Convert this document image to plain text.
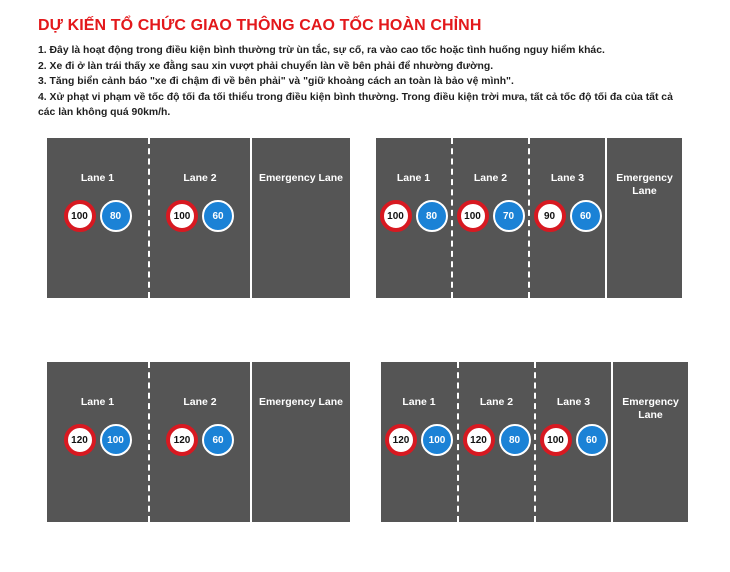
DỰ KIẾN TỔ CHỨC GIAO THÔNG CAO TỐC HOÀN CHỈNH
1. Đây là hoạt động trong điều kiện bình thường trừ ùn tắc, sự cố, ra vào cao tốc hoặc tình huống nguy hiểm khác.
2. Xe đi ở làn trái thấy xe đằng sau xin vượt phải chuyển làn về bên phải để nhường đường.
3. Tăng biển cảnh báo "xe đi chậm đi về bên phải" và "giữ khoảng cách an toàn là bảo vệ mình".
4. Xử phạt vi phạm về tốc độ tối đa tối thiểu trong điều kiện bình thường. Trong điều kiện trời mưa, tất cả tốc độ tối đa của tất cả các làn không quá 90km/h.
Lane 1
100	80
Lane 2
100	60
Emergency Lane	Lane 1
100	80
Lane 2
100	70
Lane 3
90	60
Emergency
Lane
Lane 1
120	100
Lane 2
120	60
Emergency Lane	Lane 1
120	100
Lane 2
120	80
Lane 3
100	60
Emergency
Lane
